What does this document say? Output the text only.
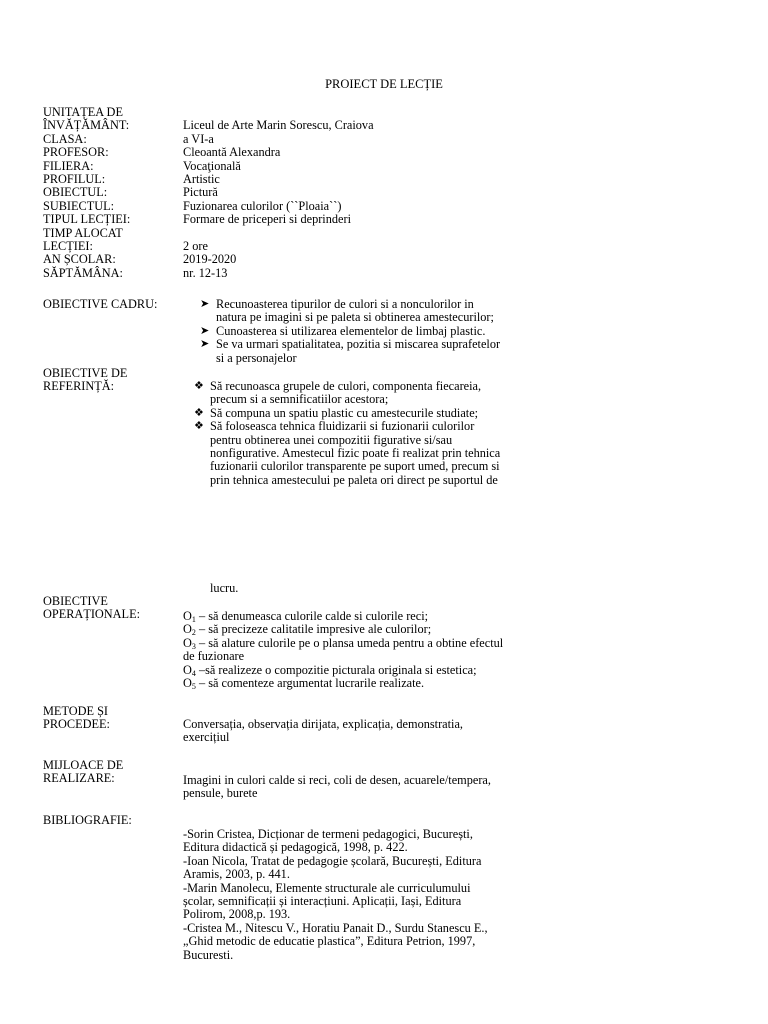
PROIECT DE LECȚIE
UNITAȚEA DE
ÎNVĂȚĂMÂNT:	Liceul de Arte Marin Sorescu, Craiova
CLASA:	a VI-a
PROFESOR:	Cleoantă Alexandra
FILIERA:	Vocaţională
PROFILUL:	Artistic
OBIECTUL:	Pictură
SUBIECTUL:	Fuzionarea culorilor (``Ploaia``)
TIPUL LECȚIEI:	Formare de priceperi si deprinderi
TIMP ALOCAT
LECȚIEI:	2 ore
AN ȘCOLAR:	2019-2020
SĂPTĂMÂNA:	nr. 12-13
OBIECTIVE CADRU:	➤ Recunoasterea tipurilor de culori si a nonculorilor in
natura pe imagini si pe paleta si obtinerea amestecurilor;
➤ Cunoasterea si utilizarea elementelor de limbaj plastic.
➤ Se va urmari spatialitatea, pozitia si miscarea suprafetelor
si a personajelor
OBIECTIVE DE
REFERINȚĂ:	❖ Să recunoasca grupele de culori, componenta fiecareia,
precum si a semnificatiilor acestora;
❖ Să compuna un spatiu plastic cu amestecurile studiate;
❖ Să foloseasca tehnica fluidizarii si fuzionarii culorilor
pentru obtinerea unei compozitii figurative si/sau
nonfigurative. Amestecul fizic poate fi realizat prin tehnica
fuzionarii culorilor transparente pe suport umed, precum si
prin tehnica amestecului pe paleta ori direct pe suportul de
lucru.
OBIECTIVE
OPERAȚIONALE:	$O_1$ – să denumeasca culorile calde si culorile reci;
$O_2$ – să precizeze calitatile impresive ale culorilor;
$O_3$ – să alature culorile pe o plansa umeda pentru a obtine efectul
de fuzionare
$O_4$ –să realizeze o compozitie picturala originala si estetica;
$O_5$ – să comenteze argumentat lucrarile realizate.
METODE ȘI
PROCEDEE:	Conversația, observația dirijata, explicația, demonstratia,
exercițiul
MIJLOACE DE
REALIZARE:	Imagini in culori calde si reci, coli de desen, acuarele/tempera,
pensule, burete
BIBLIOGRAFIE:
-Sorin Cristea, Dicționar de termeni pedagogici, București,
Editura didactică și pedagogică, 1998, p. 422.
-Ioan Nicola, Tratat de pedagogie școlară, București, Editura
Aramis, 2003, p. 441.
-Marin Manolecu, Elemente structurale ale curriculumului
școlar, semnificații și interacțiuni. Aplicații, Iași, Editura
Polirom, 2008,p. 193.
-Cristea M., Nitescu V., Horatiu Panait D., Surdu Stanescu E.,
„Ghid metodic de educatie plastica”, Editura Petrion, 1997,
Bucuresti.
